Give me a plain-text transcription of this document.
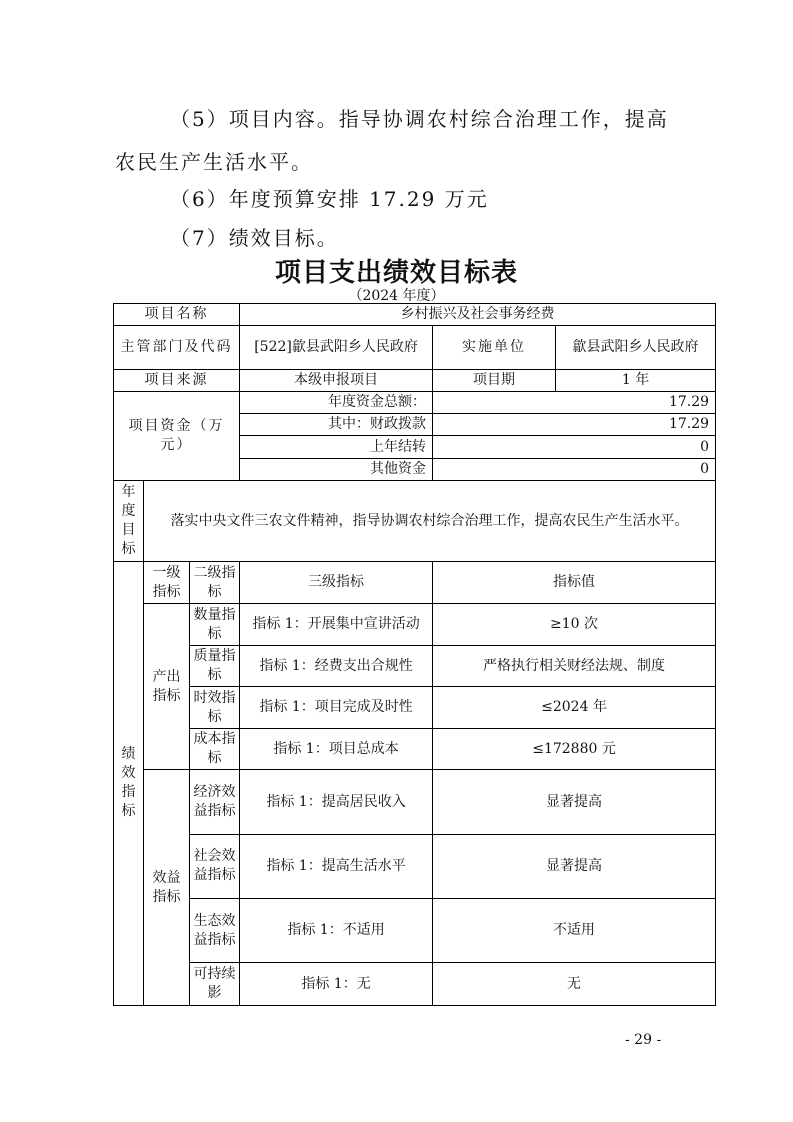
（5）项目内容。指导协调农村综合治理工作，提高
农民生产生活水平。
（6）年度预算安排 17.29 万元
（7）绩效目标。
项目支出绩效目标表
（2024 年度）
项目名称			乡村振兴及社会事务经费		
主管部门及代码			[522]歙县武阳乡人民政府	实施单位	歙县武阳乡人民政府
项目来源			本级申报项目	项目期	1 年
项目资金（万元）			年度资金总额：	17.29	
			其中：财政拨款	17.29	
			上年结转	0	
			其他资金	0	
年度目标	落实中央文件三农文件精神，指导协调农村综合治理工作，提高农民生产生活水平。				
绩效指标	一级指标	二级指标	三级指标	指标值	
	产出指标	数量指标	指标 1：开展集中宣讲活动	≥10 次	
		质量指标	指标 1：经费支出合规性	严格执行相关财经法规、制度	
		时效指标	指标 1：项目完成及时性	≤2024 年	
		成本指标	指标 1：项目总成本	≤172880 元	
	效益指标	经济效益指标	指标 1：提高居民收入	显著提高	
		社会效益指标	指标 1：提高生活水平	显著提高	
		生态效益指标	指标 1：不适用	不适用	
		可持续影	指标 1：无	无	
- 29 -
